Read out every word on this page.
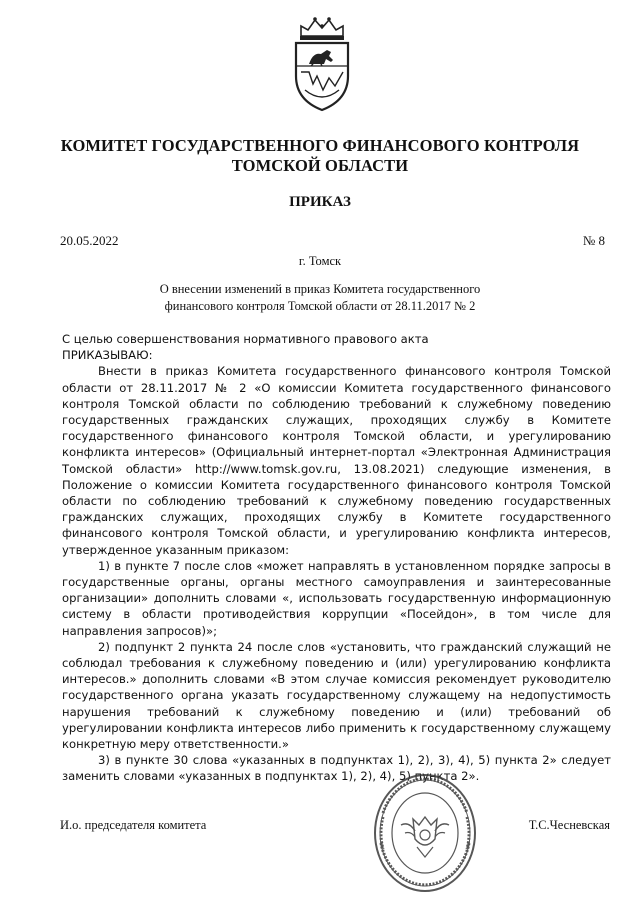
КОМИТЕТ ГОСУДАРСТВЕННОГО ФИНАНСОВОГО КОНТРОЛЯ
ТОМСКОЙ ОБЛАСТИ
ПРИКАЗ
20.05.2022	№ 8
г. Томск
О внесении изменений в приказ Комитета государственного
финансового контроля Томской области от 28.11.2017 № 2

С целью совершенствования нормативного правового акта

ПРИКАЗЫВАЮ:

Внести в приказ Комитета государственного финансового контроля Томской области от 28.11.2017 № 2 «О комиссии Комитета государственного финансового контроля Томской области по соблюдению требований к служебному поведению государственных гражданских служащих, проходящих службу в Комитете государственного финансового контроля Томской области, и урегулированию конфликта интересов» (Официальный интернет-портал «Электронная Администрация Томской области» http://www.tomsk.gov.ru, 13.08.2021) следующие изменения, в Положение о комиссии Комитета государственного финансового контроля Томской области по соблюдению требований к служебному поведению государственных гражданских служащих, проходящих службу в Комитете государственного финансового контроля Томской области, и урегулированию конфликта интересов, утвержденное указанным приказом:

1) в пункте 7 после слов «может направлять в установленном порядке запросы в государственные органы, органы местного самоуправления и заинтересованные организации» дополнить словами «, использовать государственную информационную систему в области противодействия коррупции «Посейдон», в том числе для направления запросов)»;

2) подпункт 2 пункта 24 после слов «установить, что гражданский служащий не соблюдал требования к служебному поведению и (или) урегулированию конфликта интересов.» дополнить словами «В этом случае комиссия рекомендует руководителю государственного органа указать государственному служащему на недопустимость нарушения требований к служебному поведению и (или) требований об урегулировании конфликта интересов либо применить к государственному служащему конкретную меру ответственности.»

3) в пункте 30 слова «указанных в подпунктах 1), 2), 3), 4), 5) пункта 2» следует заменить словами «указанных в подпунктах 1), 2), 4), 5) пункта 2».

И.о. председателя комитета	Т.С.Чесневская
